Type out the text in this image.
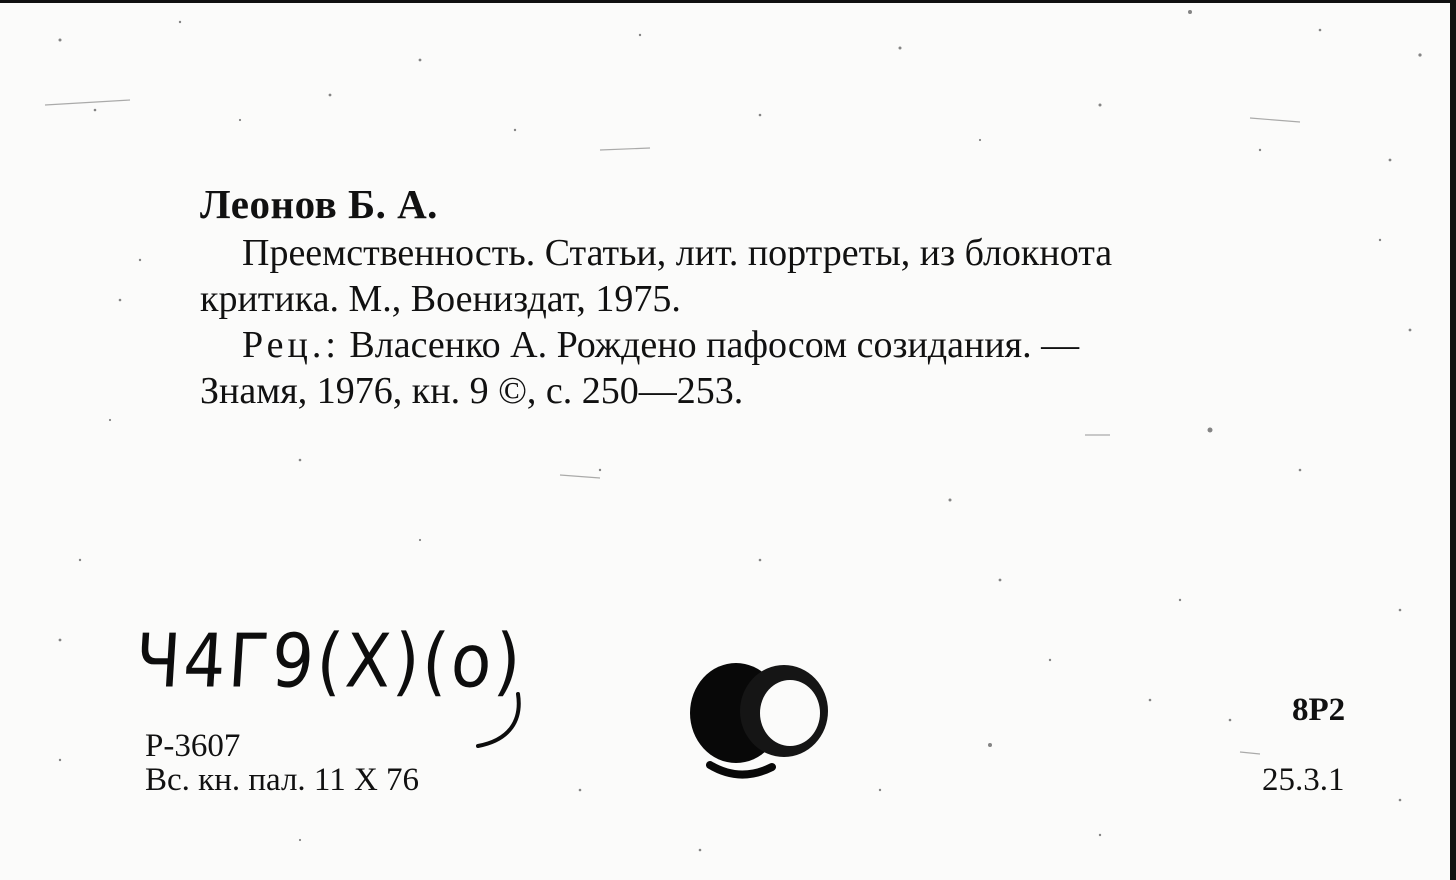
Леонов Б. А.
Преемственность. Статьи, лит. портреты, из блокнота
критика. М., Воениздат, 1975.
Рец.: Власенко А. Рождено пафосом созидания. —
Знамя, 1976, кн. 9 ©, с. 250—253.
Ч4Г9(Х)(о)
Р-3607
Вс. кн. пал. 11 Х 76
8Р2
25.3.1
